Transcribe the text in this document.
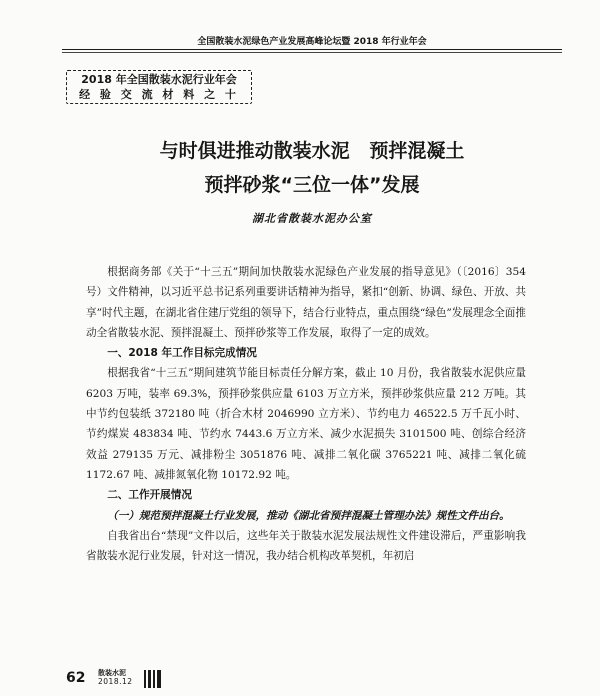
全国散装水泥绿色产业发展高峰论坛暨 2018 年行业年会
2018 年全国散装水泥行业年会
经 验 交 流 材 料 之 十
与时俱进推动散装水泥   预拌混凝土
预拌砂浆“三位一体”发展
湖北省散装水泥办公室

根据商务部《关于“十三五”期间加快散装水泥绿色产业发展的指导意见》（〔2016〕354 号）文件精神，以习近平总书记系列重要讲话精神为指导，紧扣“创新、协调、绿色、开放、共享”时代主题，在湖北省住建厅党组的领导下，结合行业特点，重点围绕“绿色”发展理念全面推动全省散装水泥、预拌混凝土、预拌砂浆等工作发展，取得了一定的成效。

一、2018 年工作目标完成情况

根据我省“十三五”期间建筑节能目标责任分解方案，截止 10 月份，我省散装水泥供应量 6203 万吨，装率 69.3%，预拌砂浆供应量 6103 万立方米，预拌砂浆供应量 212 万吨。其中节约包装纸 372180 吨（折合木材 2046990 立方米）、节约电力 46522.5 万千瓦小时、节约煤炭 483834 吨、节约水 7443.6 万立方米、减少水泥损失 3101500 吨、创综合经济效益 279135 万元、减排粉尘 3051876 吨、减排二氧化碳 3765221 吨、减排二氧化硫 1172.67 吨、减排氮氧化物 10172.92 吨。

二、工作开展情况

（一）规范预拌混凝土行业发展，推动《湖北省预拌混凝土管理办法》规性文件出台。

自我省出台“禁现”文件以后，这些年关于散装水泥发展法规性文件建设滞后，严重影响我省散装水泥行业发展，针对这一情况，我办结合机构改革契机，年初启

62 散装水泥
2018.12
